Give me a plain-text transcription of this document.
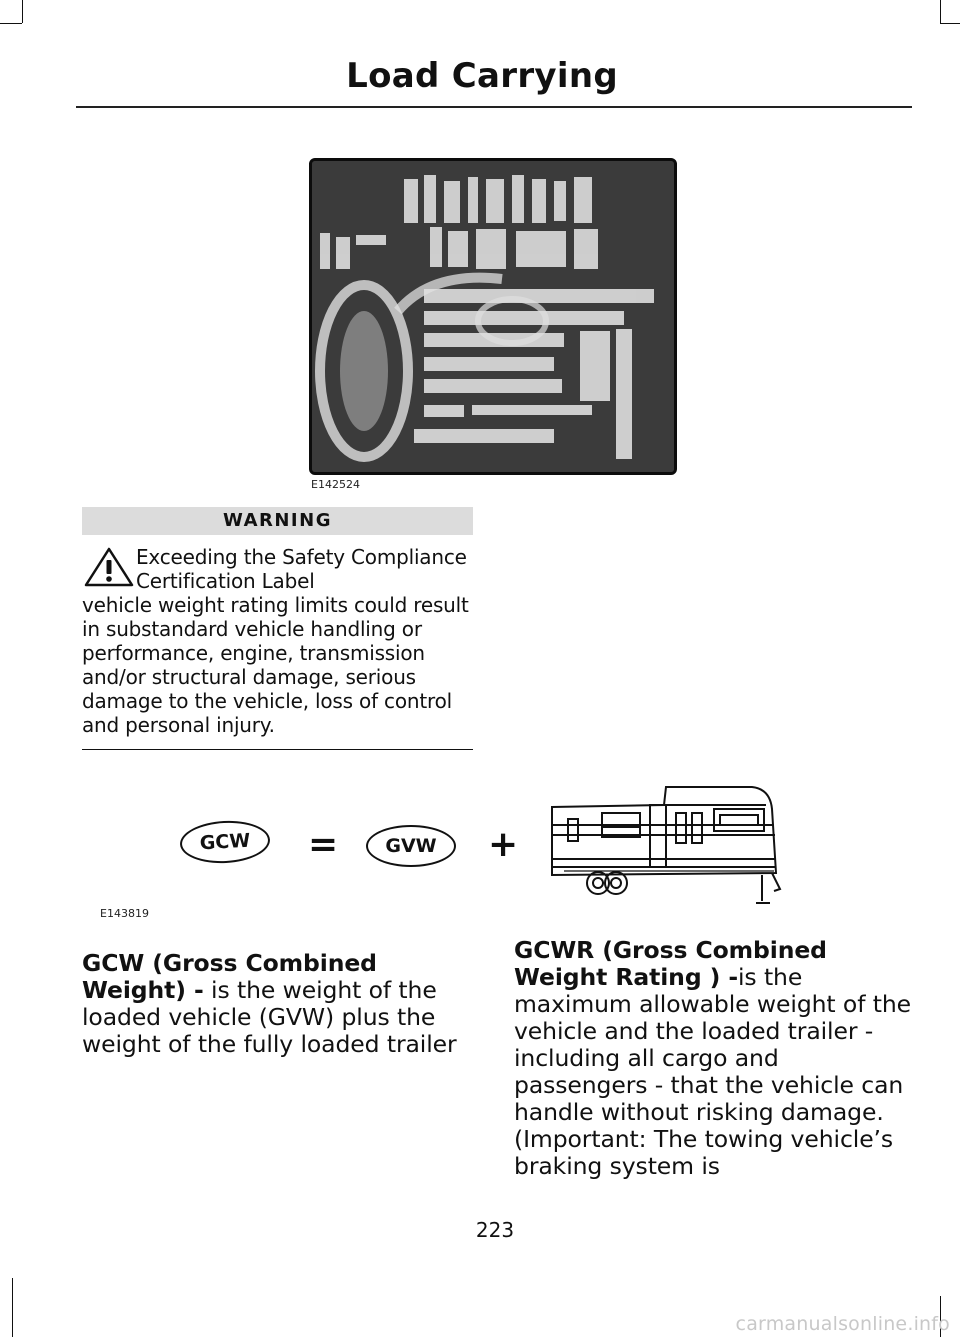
Load Carrying
E142524
WARNING
Exceeding the Safety Compliance Certification Label
vehicle weight rating limits could result in substandard vehicle handling or performance, engine, transmission and/or structural damage, serious damage to the vehicle, loss of control and personal injury.
GCW	=	GVW	+
E143819
GCW (Gross Combined Weight) - is the weight of the loaded vehicle (GVW) plus the weight of the fully loaded trailer
GCWR (Gross Combined Weight Rating ) -is the maximum allowable weight of the vehicle and the loaded trailer -including all cargo and passengers - that the vehicle can handle without risking damage. (Important: The towing vehicle’s braking system is
223
carmanualsonline.info
